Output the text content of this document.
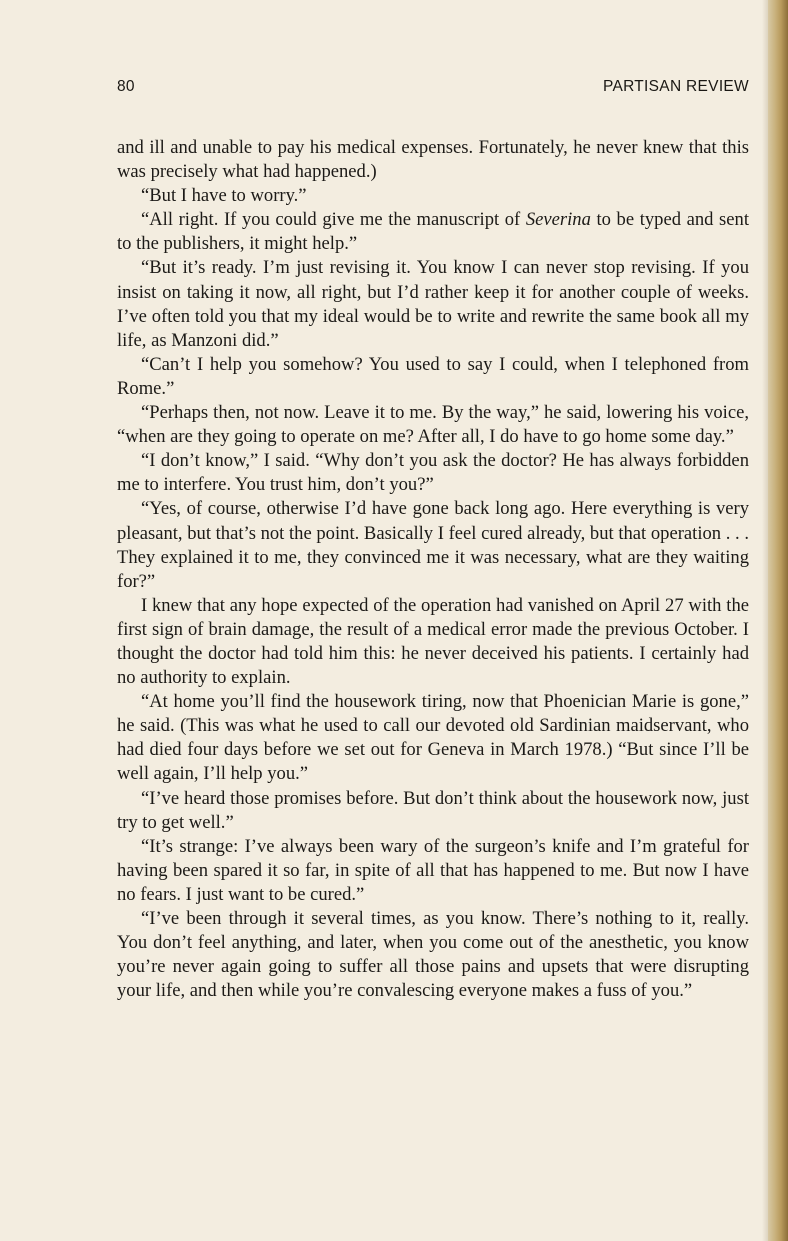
80	PARTISAN REVIEW

and ill and unable to pay his medical expenses. Fortunately, he never knew that this was precisely what had happened.)

“But I have to worry.”

“All right. If you could give me the manuscript of Severina to be typed and sent to the publishers, it might help.”

“But it’s ready. I’m just revising it. You know I can never stop revising. If you insist on taking it now, all right, but I’d rather keep it for another couple of weeks. I’ve often told you that my ideal would be to write and rewrite the same book all my life, as Manzoni did.”

“Can’t I help you somehow? You used to say I could, when I telephoned from Rome.”

“Perhaps then, not now. Leave it to me. By the way,” he said, lowering his voice, “when are they going to operate on me? After all, I do have to go home some day.”

“I don’t know,” I said. “Why don’t you ask the doctor? He has always forbidden me to interfere. You trust him, don’t you?”

“Yes, of course, otherwise I’d have gone back long ago. Here everything is very pleasant, but that’s not the point. Basically I feel cured already, but that operation . . . They explained it to me, they convinced me it was necessary, what are they waiting for?”

I knew that any hope expected of the operation had vanished on April 27 with the first sign of brain damage, the result of a medical error made the previous October. I thought the doctor had told him this: he never deceived his patients. I certainly had no authority to explain.

“At home you’ll find the housework tiring, now that Phoenician Marie is gone,” he said. (This was what he used to call our devoted old Sardinian maidservant, who had died four days before we set out for Geneva in March 1978.) “But since I’ll be well again, I’ll help you.”

“I’ve heard those promises before. But don’t think about the housework now, just try to get well.”

“It’s strange: I’ve always been wary of the surgeon’s knife and I’m grateful for having been spared it so far, in spite of all that has happened to me. But now I have no fears. I just want to be cured.”

“I’ve been through it several times, as you know. There’s nothing to it, really. You don’t feel anything, and later, when you come out of the anesthetic, you know you’re never again going to suffer all those pains and upsets that were disrupting your life, and then while you’re convalescing everyone makes a fuss of you.”
